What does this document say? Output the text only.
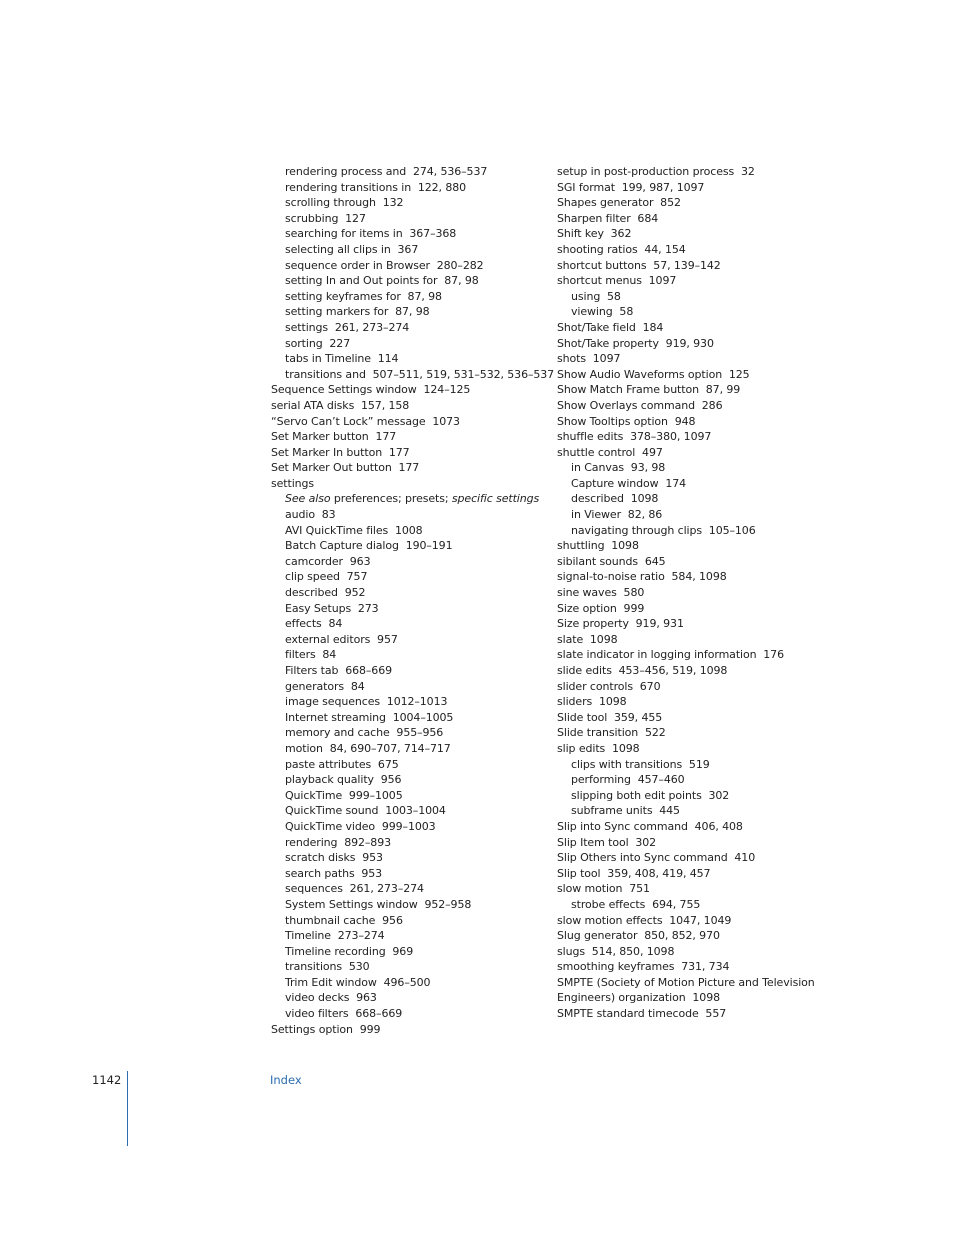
rendering process and  274, 536–537
rendering transitions in  122, 880
scrolling through  132
scrubbing  127
searching for items in  367–368
selecting all clips in  367
sequence order in Browser  280–282
setting In and Out points for  87, 98
setting keyframes for  87, 98
setting markers for  87, 98
settings  261, 273–274
sorting  227
tabs in Timeline  114
transitions and  507–511, 519, 531–532, 536–537
Sequence Settings window  124–125
serial ATA disks  157, 158
“Servo Can’t Lock” message  1073
Set Marker button  177
Set Marker In button  177
Set Marker Out button  177
settings
See also preferences; presets; specific settings
audio  83
AVI QuickTime files  1008
Batch Capture dialog  190–191
camcorder  963
clip speed  757
described  952
Easy Setups  273
effects  84
external editors  957
filters  84
Filters tab  668–669
generators  84
image sequences  1012–1013
Internet streaming  1004–1005
memory and cache  955–956
motion  84, 690–707, 714–717
paste attributes  675
playback quality  956
QuickTime  999–1005
QuickTime sound  1003–1004
QuickTime video  999–1003
rendering  892–893
scratch disks  953
search paths  953
sequences  261, 273–274
System Settings window  952–958
thumbnail cache  956
Timeline  273–274
Timeline recording  969
transitions  530
Trim Edit window  496–500
video decks  963
video filters  668–669
Settings option  999
setup in post-production process  32
SGI format  199, 987, 1097
Shapes generator  852
Sharpen filter  684
Shift key  362
shooting ratios  44, 154
shortcut buttons  57, 139–142
shortcut menus  1097
using  58
viewing  58
Shot/Take field  184
Shot/Take property  919, 930
shots  1097
Show Audio Waveforms option  125
Show Match Frame button  87, 99
Show Overlays command  286
Show Tooltips option  948
shuffle edits  378–380, 1097
shuttle control  497
in Canvas  93, 98
Capture window  174
described  1098
in Viewer  82, 86
navigating through clips  105–106
shuttling  1098
sibilant sounds  645
signal-to-noise ratio  584, 1098
sine waves  580
Size option  999
Size property  919, 931
slate  1098
slate indicator in logging information  176
slide edits  453–456, 519, 1098
slider controls  670
sliders  1098
Slide tool  359, 455
Slide transition  522
slip edits  1098
clips with transitions  519
performing  457–460
slipping both edit points  302
subframe units  445
Slip into Sync command  406, 408
Slip Item tool  302
Slip Others into Sync command  410
Slip tool  359, 408, 419, 457
slow motion  751
strobe effects  694, 755
slow motion effects  1047, 1049
Slug generator  850, 852, 970
slugs  514, 850, 1098
smoothing keyframes  731, 734
SMPTE (Society of Motion Picture and Television
Engineers) organization  1098
SMPTE standard timecode  557
1142	Index
